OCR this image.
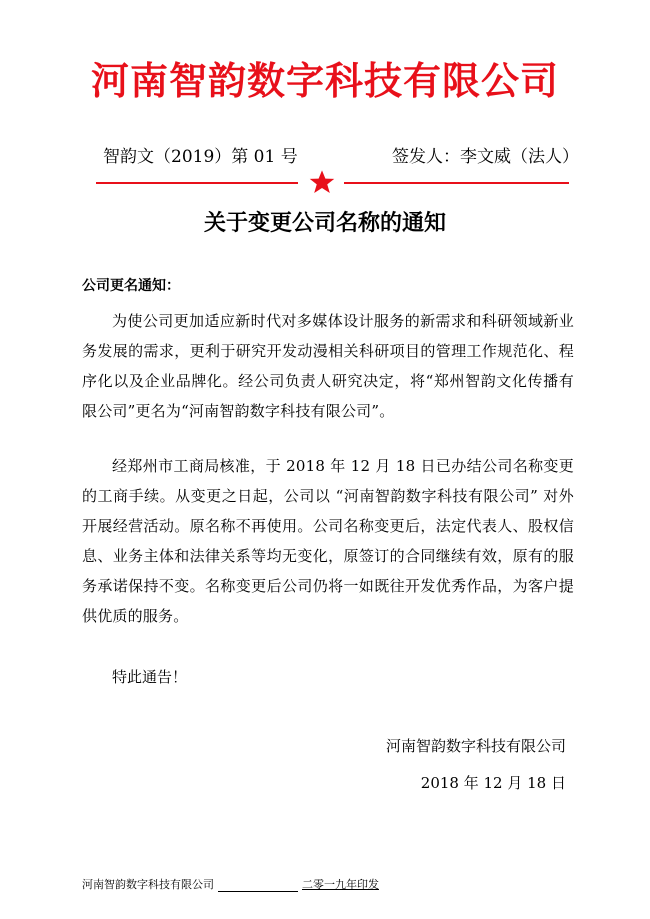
河南智韵数字科技有限公司
智韵文（2019）第 01 号	签发人：李文威（法人）
关于变更公司名称的通知
公司更名通知：
为使公司更加适应新时代对多媒体设计服务的新需求和科研领域新业务发展的需求，更利于研究开发动漫相关科研项目的管理工作规范化、程序化以及企业品牌化。经公司负责人研究决定，将“郑州智韵文化传播有限公司”更名为“河南智韵数字科技有限公司”。
经郑州市工商局核准，于 2018 年 12 月 18 日已办结公司名称变更的工商手续。从变更之日起，公司以 “河南智韵数字科技有限公司” 对外开展经营活动。原名称不再使用。公司名称变更后，法定代表人、股权信息、业务主体和法律关系等均无变化，原签订的合同继续有效，原有的服务承诺保持不变。名称变更后公司仍将一如既往开发优秀作品，为客户提供优质的服务。
特此通告！
河南智韵数字科技有限公司
2018 年 12 月 18 日
河南智韵数字科技有限公司	二零一九年印发
